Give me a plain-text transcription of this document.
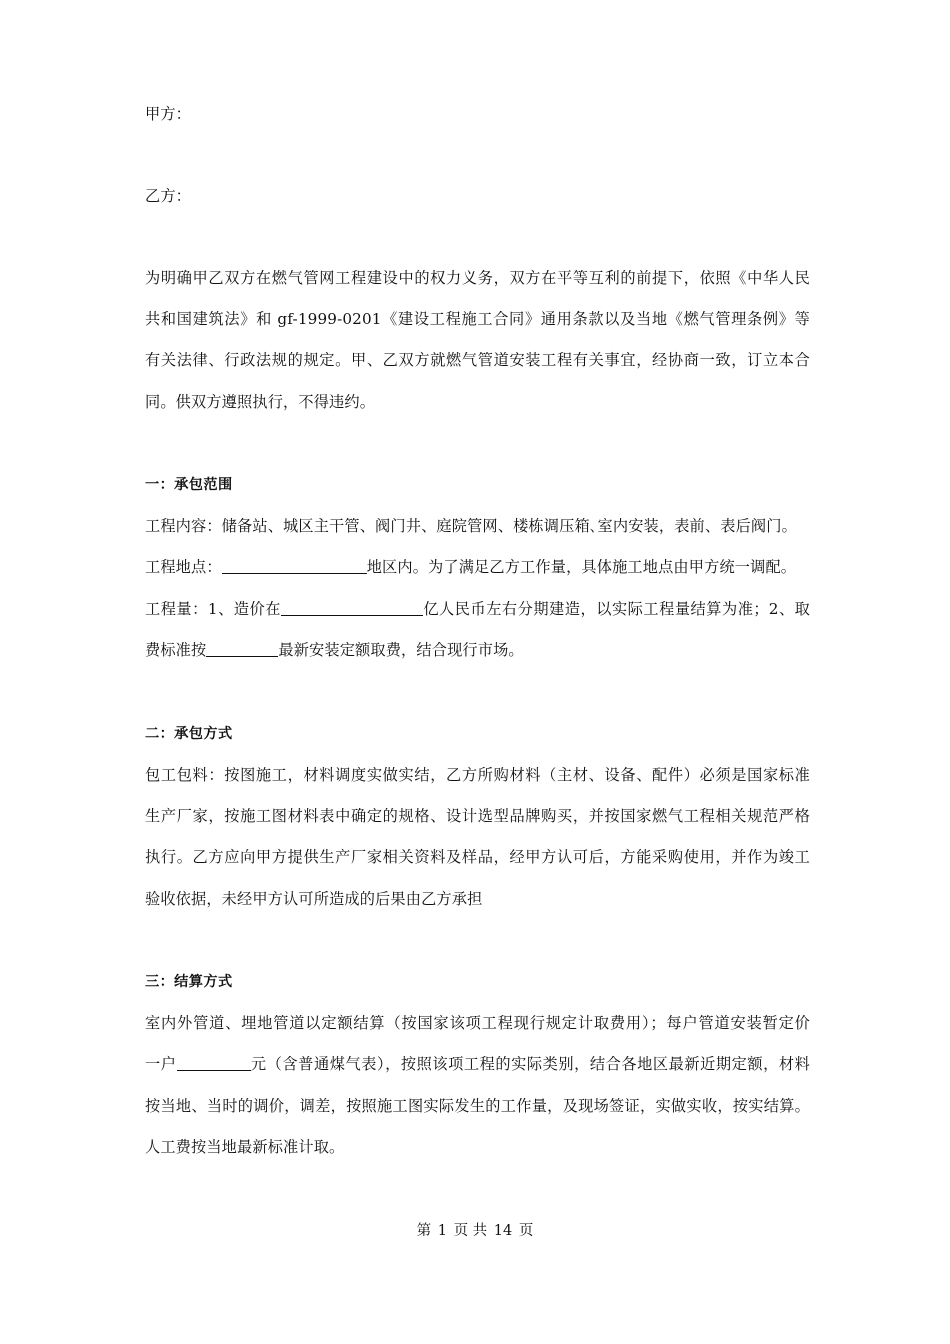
甲方：
乙方：
为明确甲乙双方在燃气管网工程建设中的权力义务，双方在平等互利的前提下，依照《中华人民
共和国建筑法》和 gf-1999-0201《建设工程施工合同》通用条款以及当地《燃气管理条例》等
有关法律、行政法规的规定。甲、乙双方就燃气管道安装工程有关事宜，经协商一致，订立本合
同。供双方遵照执行，不得违约。
一：承包范围
工程内容：储备站、城区主干管、阀门井、庭院管网、楼栋调压箱､室内安装，表前、表后阀门。
工程地点：	地区内。为了满足乙方工作量，具体施工地点由甲方统一调配。
工程量：1、造价在	亿人民币左右分期建造，以实际工程量结算为准；2、取
费标准按	最新安装定额取费，结合现行市场。
二：承包方式
包工包料：按图施工，材料调度实做实结，乙方所购材料（主材、设备、配件）必须是国家标准
生产厂家，按施工图材料表中确定的规格、设计选型品牌购买，并按国家燃气工程相关规范严格
执行。乙方应向甲方提供生产厂家相关资料及样品，经甲方认可后，方能采购使用，并作为竣工
验收依据，未经甲方认可所造成的后果由乙方承担
三：结算方式
室内外管道、埋地管道以定额结算（按国家该项工程现行规定计取费用）；每户管道安装暂定价
一户	元（含普通煤气表），按照该项工程的实际类别，结合各地区最新近期定额，材料
按当地、当时的调价，调差，按照施工图实际发生的工作量，及现场签证，实做实收，按实结算。
人工费按当地最新标准计取。
第 1 页 共 14 页
